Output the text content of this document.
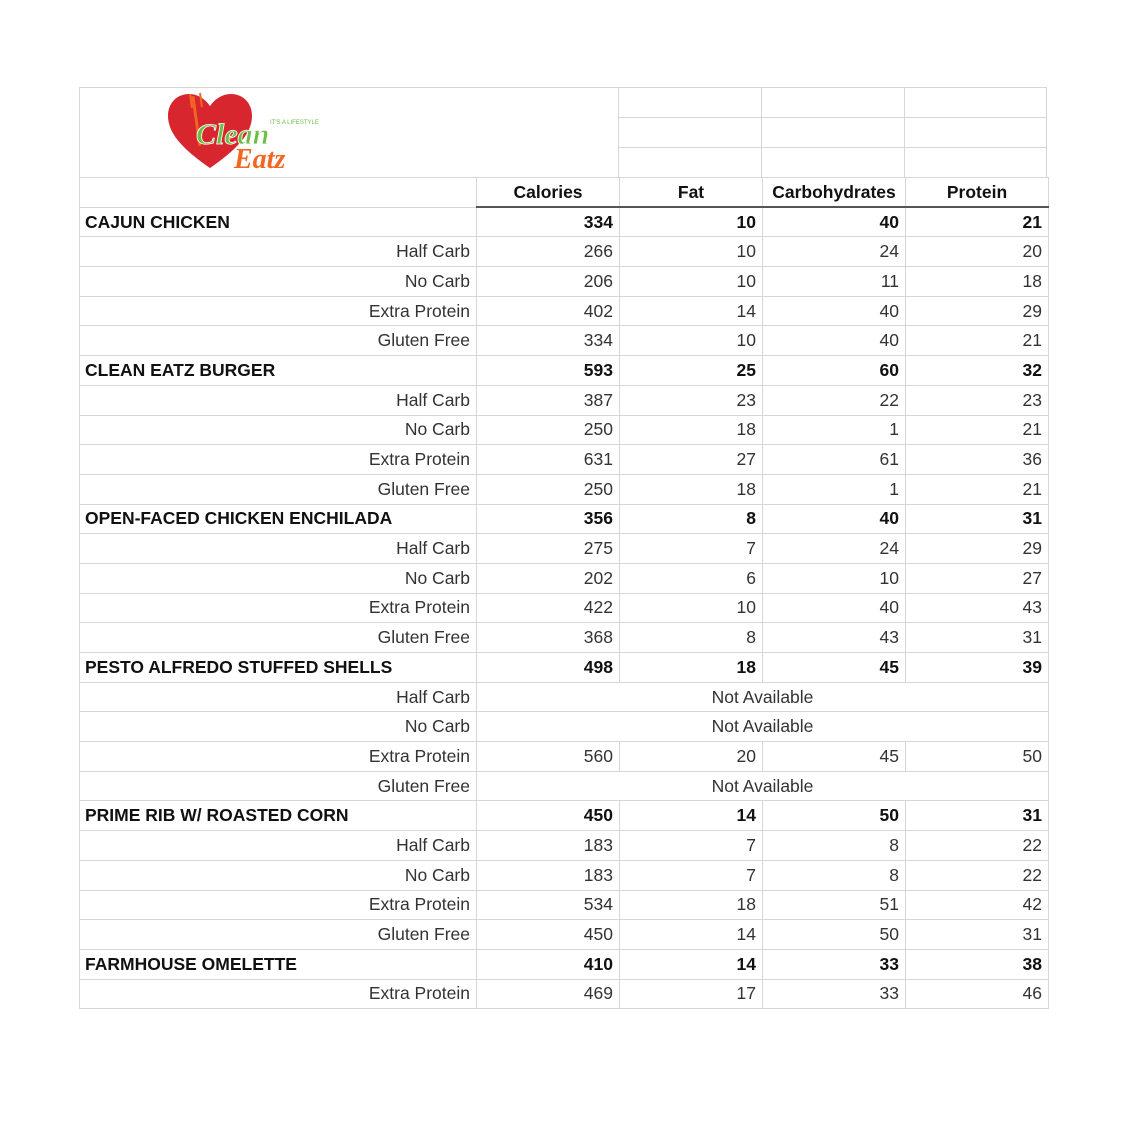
IT'S A LIFESTYLE
Clean
Eatz
	Calories	Fat	Carbohydrates	Protein
CAJUN CHICKEN	334	10	40	21
Half Carb	266	10	24	20
No Carb	206	10	11	18
Extra Protein	402	14	40	29
Gluten Free	334	10	40	21
CLEAN EATZ BURGER	593	25	60	32
Half Carb	387	23	22	23
No Carb	250	18	1	21
Extra Protein	631	27	61	36
Gluten Free	250	18	1	21
OPEN-FACED CHICKEN ENCHILADA	356	8	40	31
Half Carb	275	7	24	29
No Carb	202	6	10	27
Extra Protein	422	10	40	43
Gluten Free	368	8	43	31
PESTO ALFREDO STUFFED SHELLS	498	18	45	39
Half Carb	Not Available			
No Carb	Not Available			
Extra Protein	560	20	45	50
Gluten Free	Not Available			
PRIME RIB W/ ROASTED CORN	450	14	50	31
Half Carb	183	7	8	22
No Carb	183	7	8	22
Extra Protein	534	18	51	42
Gluten Free	450	14	50	31
FARMHOUSE OMELETTE	410	14	33	38
Extra Protein	469	17	33	46
